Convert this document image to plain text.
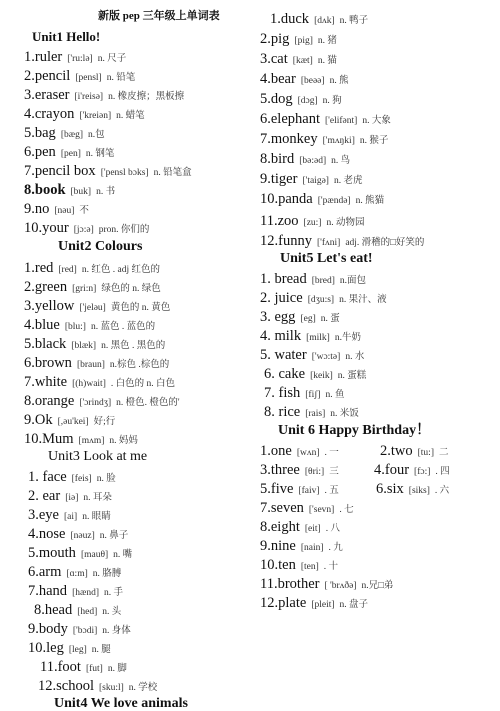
新版 pep 三年级上单词表
Unit1 Hello!
1.ruler ['ru:lə] n. 尺子
2.pencil [pensl] n. 铅笔
3.eraser [i'reisə] n. 橡皮擦；黑板擦
4.crayon ['kreiən] n. 蜡笔
5.bag [bæg] n.包
6.pen [pen] n. 钢笔
7.pencil box ['pensl bɔks] n. 铅笔盒
8.book [buk] n. 书
9.no [nəu] 不
10.your [jɔ:ə] pron. 你们的
Unit2 Colours
1.red [red] n. 红色 . adj 红色的
2.green [gri:n] 绿色的 n. 绿色
3.yellow ['jeləu] 黄色的 n. 黄色
4.blue [blu:] n. 蓝色 . 蓝色的
5.black [blæk] n. 黑色 . 黑色的
6.brown [braun] n.棕色 .棕色的
7.white [(h)wait] . 白色的 n. 白色
8.orange ['ɔrindʒ] n. 橙色. 橙色的'
9.Ok [,əu'kei] 好;行
10.Mum [mʌm] n. 妈妈
Unit3 Look at me
1. face [feis] n. 脸
2. ear [iə] n. 耳朵
3.eye [ai] n. 眼睛
4.nose [nəuz] n. 鼻子
5.mouth [mauθ] n. 嘴
6.arm [ɑ:m] n. 胳膊
7.hand [hænd] n. 手
8.head [hed] n. 头
9.body ['bɔdi] n. 身体
10.leg [leg] n. 腿
11.foot [fut] n. 脚
12.school [sku:l] n. 学校
Unit4 We love animals
1.duck [dʌk] n. 鸭子
2.pig [pig] n. 猪
3.cat [kæt] n. 猫
4.bear [beəə] n. 熊
5.dog [dɔg] n. 狗
6.elephant ['elifənt] n. 大象
7.monkey ['mʌŋki] n. 猴子
8.bird [bə:əd] n. 鸟
9.tiger ['taigə] n. 老虎
10.panda ['pændə] n. 熊猫
11.zoo [zu:] n. 动物园
12.funny ['fʌni] adj. 滑稽的□好笑的
Unit5 Let's eat!
1. bread [bred] n.面包
2. juice [dʒu:s] n. 果汁、液
3. egg [eg] n. 蛋
4. milk [milk] n.牛奶
5. water ['wɔ:tə] n. 水
6. cake [keik] n. 蛋糕
7. fish [fiʃ] n. 鱼
8. rice [rais] n. 米饭
Unit 6 Happy Birthday！
1.one [wʌn] . 一	2.two [tu:] 二
3.three [θri:] 三 4.four [fɔ:] . 四
5.five [faiv] . 五	6.six [siks] . 六
7.seven ['sevn] . 七
8.eight [eit] . 八
9.nine [nain] . 九
10.ten [ten] . 十
11.brother [ 'brʌðə] n.兄□弟
12.plate [pleit] n. 盘子
